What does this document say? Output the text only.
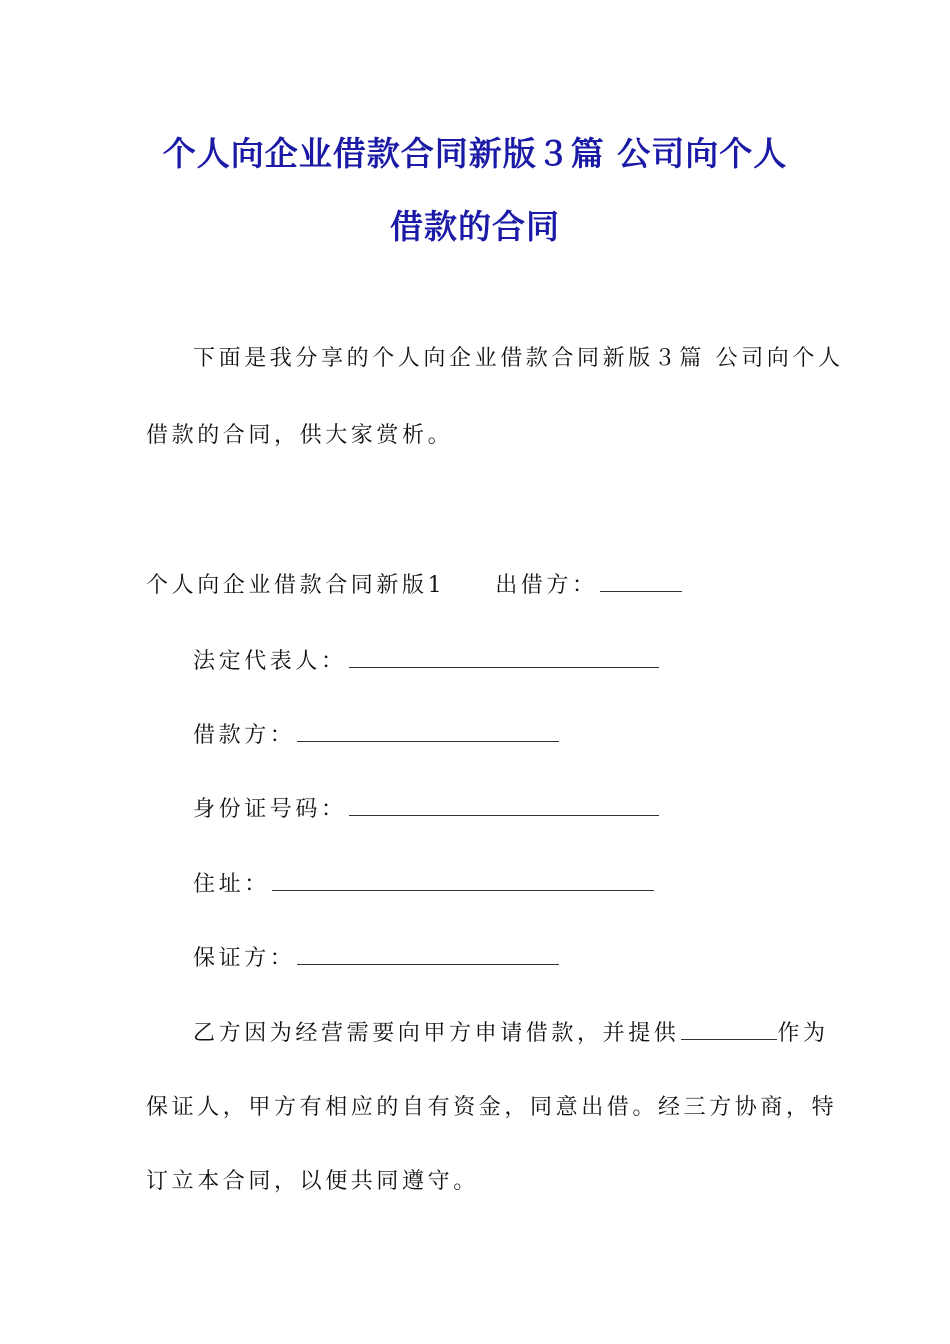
个人向企业借款合同新版３篇 公司向个人
借款的合同
下面是我分享的个人向企业借款合同新版３篇 公司向个人
借款的合同，供大家赏析。
个人向企业借款合同新版1 出借方：
法定代表人：
借款方：
身份证号码：
住址：
保证方：
乙方因为经营需要向甲方申请借款，并提供	作为
保证人，甲方有相应的自有资金，同意出借。经三方协商，特
订立本合同，以便共同遵守。
